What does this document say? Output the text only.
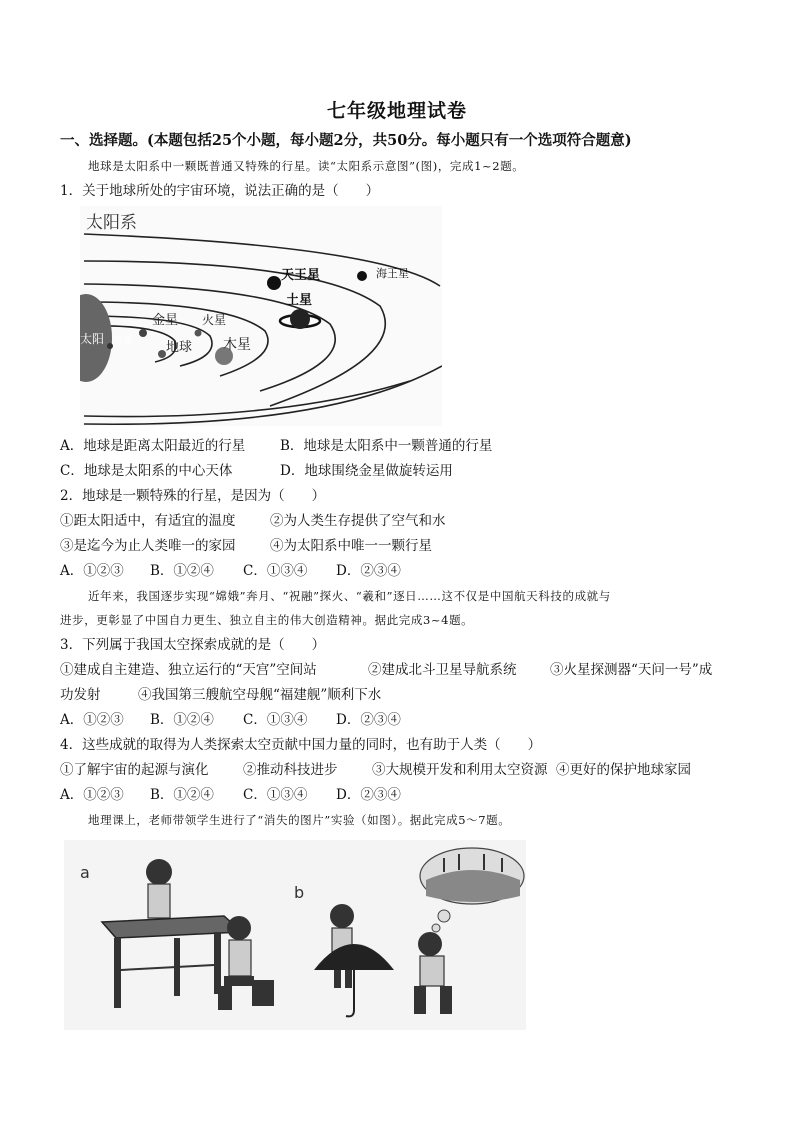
七年级地理试卷
一、选择题。(本题包括25个小题，每小题2分，共50分。每小题只有一个选项符合题意)
地球是太阳系中一颗既普通又特殊的行星。读“太阳系示意图”(图)，完成1~2题。
1．关于地球所处的宇宙环境，说法正确的是（　　）
太阳系
太阳 水星
金星
地球
火星
木星
土星
天王星	海王星
A．地球是距离太阳最近的行星	B．地球是太阳系中一颗普通的行星
C．地球是太阳系的中心天体	D．地球围绕金星做旋转运用
2．地球是一颗特殊的行星，是因为（　　）
①距太阳适中，有适宜的温度	②为人类生存提供了空气和水
③是迄今为止人类唯一的家园	④为太阳系中唯一一颗行星
A．①②③ B．①②④ C．①③④ D．②③④
近年来，我国逐步实现“嫦娥”奔月、“祝融”探火、“羲和”逐日……这不仅是中国航天科技的成就与
进步，更彰显了中国自力更生、独立自主的伟大创造精神。据此完成3~4题。
3．下列属于我国太空探索成就的是（　　）
①建成自主建造、独立运行的“天宫”空间站	②建成北斗卫星导航系统 ③火星探测器“天问一号”成
功发射	④我国第三艘航空母舰“福建舰”顺利下水
A．①②③ B．①②④ C．①③④ D．②③④
4．这些成就的取得为人类探索太空贡献中国力量的同时，也有助于人类（　　）
①了解宇宙的起源与演化	②推动科技进步	③大规模开发和利用太空资源 ④更好的保护地球家园
A．①②③ B．①②④ C．①③④ D．②③④
地理课上，老师带领学生进行了“消失的图片”实验（如图）。据此完成5～7题。
a
b
